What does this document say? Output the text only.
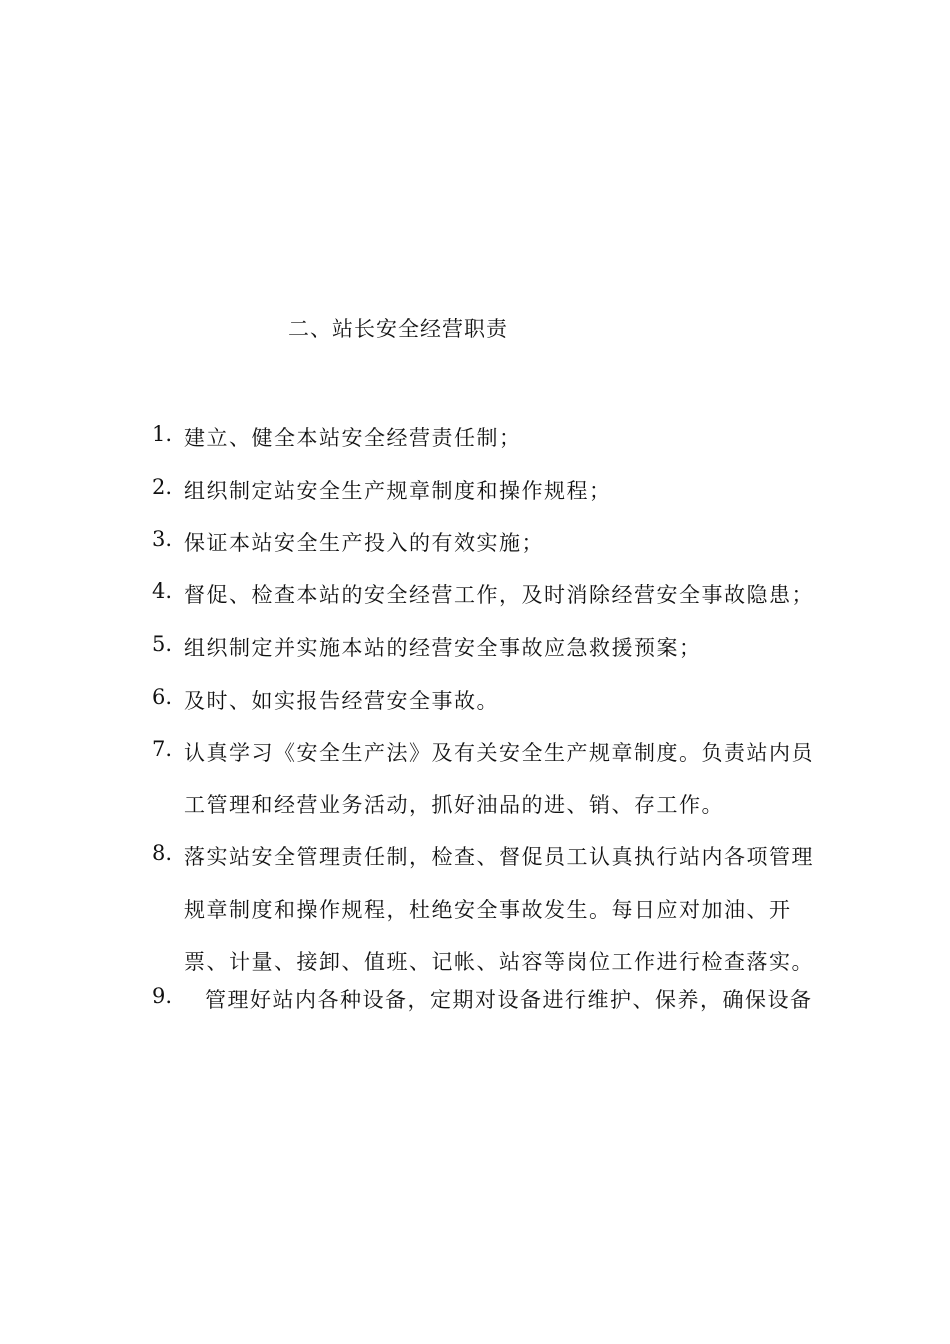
二、站长安全经营职责
1. 建立、健全本站安全经营责任制；
2. 组织制定站安全生产规章制度和操作规程；
3. 保证本站安全生产投入的有效实施；
4. 督促、检查本站的安全经营工作，及时消除经营安全事故隐患；
5. 组织制定并实施本站的经营安全事故应急救援预案；
6. 及时、如实报告经营安全事故。
7. 认真学习《安全生产法》及有关安全生产规章制度。负责站内员
工管理和经营业务活动，抓好油品的进、销、存工作。
8. 落实站安全管理责任制，检查、督促员工认真执行站内各项管理
规章制度和操作规程，杜绝安全事故发生。每日应对加油、开
票、计量、接卸、值班、记帐、站容等岗位工作进行检查落实。
9. 管理好站内各种设备，定期对设备进行维护、保养，确保设备
